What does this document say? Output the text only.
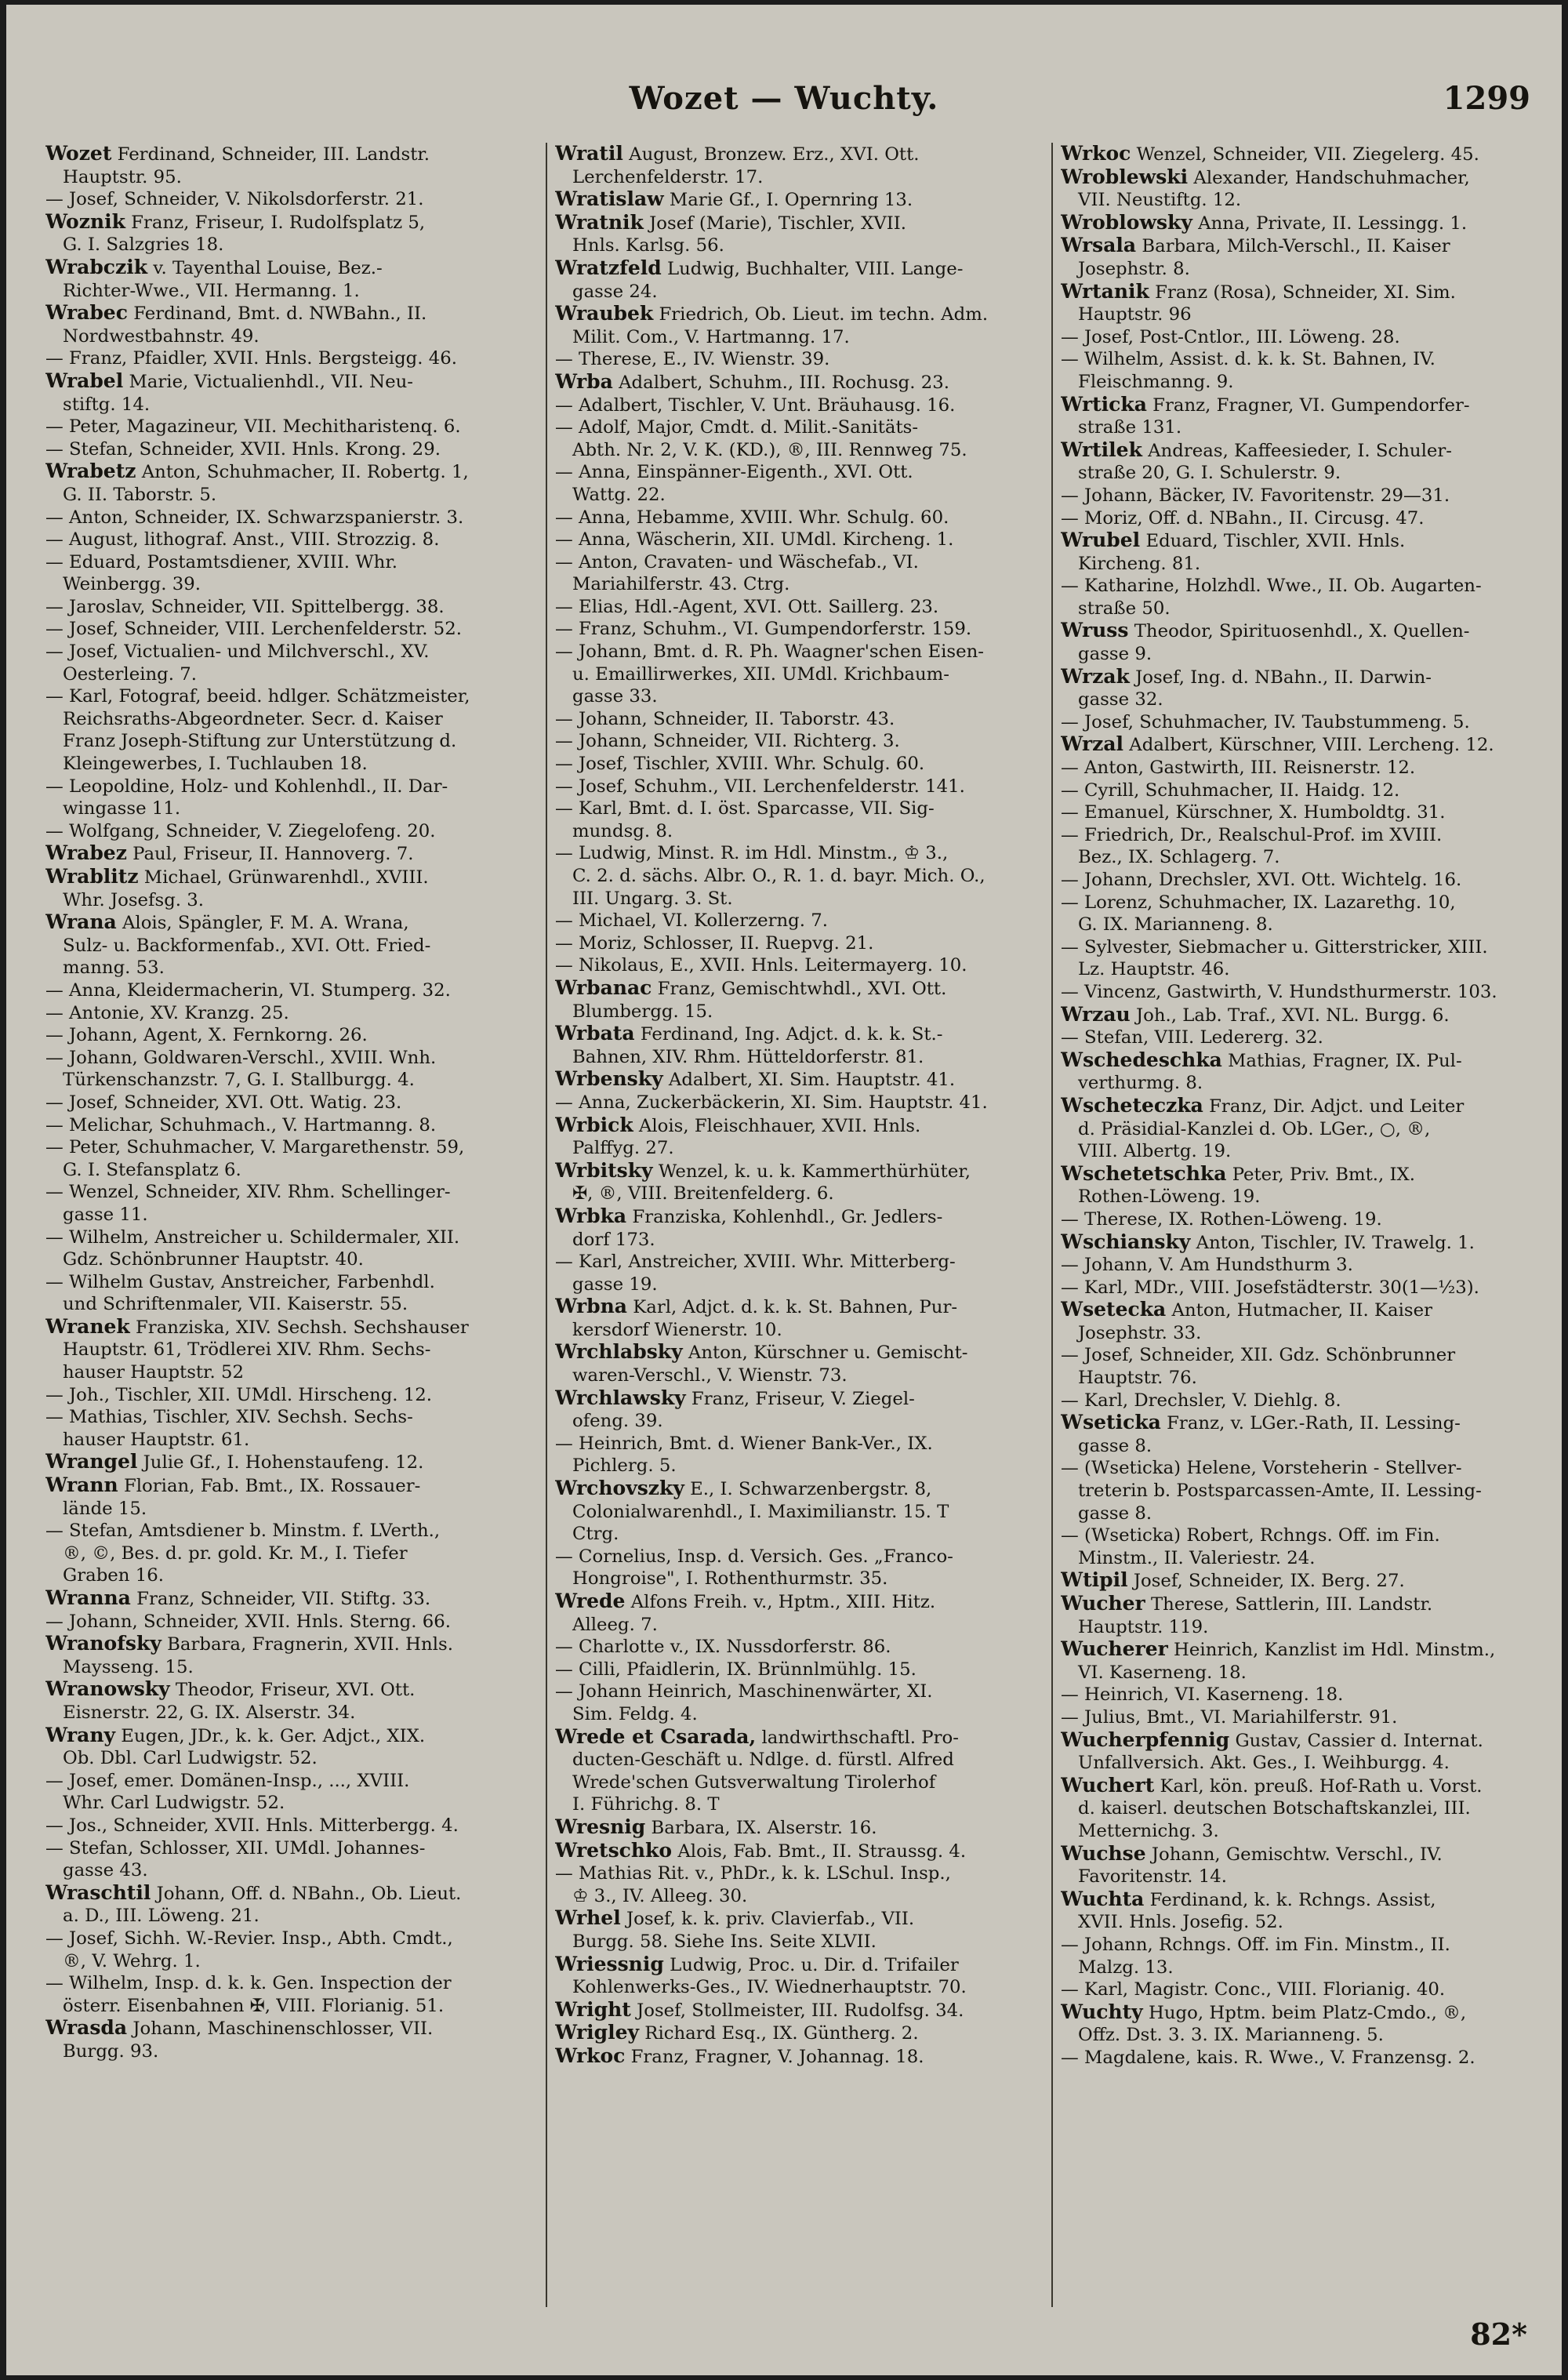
Wozet — Wuchty.	1299
Wozet Ferdinand, Schneider, III. Landstr.
Hauptstr. 95.
— Josef, Schneider, V. Nikolsdorferstr. 21.
Woznik Franz, Friseur, I. Rudolfsplatz 5,
G. I. Salzgries 18.
Wrabczik v. Tayenthal Louise, Bez.-
Richter-Wwe., VII. Hermanng. 1.
Wrabec Ferdinand, Bmt. d. NWBahn., II.
Nordwestbahnstr. 49.
— Franz, Pfaidler, XVII. Hnls. Bergsteigg. 46.
Wrabel Marie, Victualienhdl., VII. Neu-
stiftg. 14.
— Peter, Magazineur, VII. Mechitharistenq. 6.
— Stefan, Schneider, XVII. Hnls. Krong. 29.
Wrabetz Anton, Schuhmacher, II. Robertg. 1,
G. II. Taborstr. 5.
— Anton, Schneider, IX. Schwarzspanierstr. 3.
— August, lithograf. Anst., VIII. Strozzig. 8.
— Eduard, Postamtsdiener, XVIII. Whr.
Weinbergg. 39.
— Jaroslav, Schneider, VII. Spittelbergg. 38.
— Josef, Schneider, VIII. Lerchenfelderstr. 52.
— Josef, Victualien- und Milchverschl., XV.
Oesterleing. 7.
— Karl, Fotograf, beeid. hdlger. Schätzmeister,
Reichsraths-Abgeordneter. Secr. d. Kaiser
Franz Joseph-Stiftung zur Unterstützung d.
Kleingewerbes, I. Tuchlauben 18.
— Leopoldine, Holz- und Kohlenhdl., II. Dar-
wingasse 11.
— Wolfgang, Schneider, V. Ziegelofeng. 20.
Wrabez Paul, Friseur, II. Hannoverg. 7.
Wrablitz Michael, Grünwarenhdl., XVIII.
Whr. Josefsg. 3.
Wrana Alois, Spängler, F. M. A. Wrana,
Sulz- u. Backformenfab., XVI. Ott. Fried-
manng. 53.
— Anna, Kleidermacherin, VI. Stumperg. 32.
— Antonie, XV. Kranzg. 25.
— Johann, Agent, X. Fernkorng. 26.
— Johann, Goldwaren-Verschl., XVIII. Wnh.
Türkenschanzstr. 7, G. I. Stallburgg. 4.
— Josef, Schneider, XVI. Ott. Watig. 23.
— Melichar, Schuhmach., V. Hartmanng. 8.
— Peter, Schuhmacher, V. Margarethenstr. 59,
G. I. Stefansplatz 6.
— Wenzel, Schneider, XIV. Rhm. Schellinger-
gasse 11.
— Wilhelm, Anstreicher u. Schildermaler, XII.
Gdz. Schönbrunner Hauptstr. 40.
— Wilhelm Gustav, Anstreicher, Farbenhdl.
und Schriftenmaler, VII. Kaiserstr. 55.
Wranek Franziska, XIV. Sechsh. Sechshauser
Hauptstr. 61, Trödlerei XIV. Rhm. Sechs-
hauser Hauptstr. 52
— Joh., Tischler, XII. UMdl. Hirscheng. 12.
— Mathias, Tischler, XIV. Sechsh. Sechs-
hauser Hauptstr. 61.
Wrangel Julie Gf., I. Hohenstaufeng. 12.
Wrann Florian, Fab. Bmt., IX. Rossauer-
lände 15.
— Stefan, Amtsdiener b. Minstm. f. LVerth.,
®, ©, Bes. d. pr. gold. Kr. M., I. Tiefer
Graben 16.
Wranna Franz, Schneider, VII. Stiftg. 33.
— Johann, Schneider, XVII. Hnls. Sterng. 66.
Wranofsky Barbara, Fragnerin, XVII. Hnls.
Maysseng. 15.
Wranowsky Theodor, Friseur, XVI. Ott.
Eisnerstr. 22, G. IX. Alserstr. 34.
Wrany Eugen, JDr., k. k. Ger. Adjct., XIX.
Ob. Dbl. Carl Ludwigstr. 52.
— Josef, emer. Domänen-Insp., ..., XVIII.
Whr. Carl Ludwigstr. 52.
— Jos., Schneider, XVII. Hnls. Mitterbergg. 4.
— Stefan, Schlosser, XII. UMdl. Johannes-
gasse 43.
Wraschtil Johann, Off. d. NBahn., Ob. Lieut.
a. D., III. Löweng. 21.
— Josef, Sichh. W.-Revier. Insp., Abth. Cmdt.,
®, V. Wehrg. 1.
— Wilhelm, Insp. d. k. k. Gen. Inspection der
österr. Eisenbahnen ✠, VIII. Florianig. 51.
Wrasda Johann, Maschinenschlosser, VII.
Burgg. 93.
Wratil August, Bronzew. Erz., XVI. Ott.
Lerchenfelderstr. 17.
Wratislaw Marie Gf., I. Opernring 13.
Wratnik Josef (Marie), Tischler, XVII.
Hnls. Karlsg. 56.
Wratzfeld Ludwig, Buchhalter, VIII. Lange-
gasse 24.
Wraubek Friedrich, Ob. Lieut. im techn. Adm.
Milit. Com., V. Hartmanng. 17.
— Therese, E., IV. Wienstr. 39.
Wrba Adalbert, Schuhm., III. Rochusg. 23.
— Adalbert, Tischler, V. Unt. Bräuhausg. 16.
— Adolf, Major, Cmdt. d. Milit.-Sanitäts-
Abth. Nr. 2, V. K. (KD.), ®, III. Rennweg 75.
— Anna, Einspänner-Eigenth., XVI. Ott.
Wattg. 22.
— Anna, Hebamme, XVIII. Whr. Schulg. 60.
— Anna, Wäscherin, XII. UMdl. Kircheng. 1.
— Anton, Cravaten- und Wäschefab., VI.
Mariahilferstr. 43. Ctrg.
— Elias, Hdl.-Agent, XVI. Ott. Saillerg. 23.
— Franz, Schuhm., VI. Gumpendorferstr. 159.
— Johann, Bmt. d. R. Ph. Waagner'schen Eisen-
u. Emaillirwerkes, XII. UMdl. Krichbaum-
gasse 33.
— Johann, Schneider, II. Taborstr. 43.
— Johann, Schneider, VII. Richterg. 3.
— Josef, Tischler, XVIII. Whr. Schulg. 60.
— Josef, Schuhm., VII. Lerchenfelderstr. 141.
— Karl, Bmt. d. I. öst. Sparcasse, VII. Sig-
mundsg. 8.
— Ludwig, Minst. R. im Hdl. Minstm., ♔ 3.,
C. 2. d. sächs. Albr. O., R. 1. d. bayr. Mich. O.,
III. Ungarg. 3. St.
— Michael, VI. Kollerzerng. 7.
— Moriz, Schlosser, II. Ruepvg. 21.
— Nikolaus, E., XVII. Hnls. Leitermayerg. 10.
Wrbanac Franz, Gemischtwhdl., XVI. Ott.
Blumbergg. 15.
Wrbata Ferdinand, Ing. Adjct. d. k. k. St.-
Bahnen, XIV. Rhm. Hütteldorferstr. 81.
Wrbensky Adalbert, XI. Sim. Hauptstr. 41.
— Anna, Zuckerbäckerin, XI. Sim. Hauptstr. 41.
Wrbick Alois, Fleischhauer, XVII. Hnls.
Palffyg. 27.
Wrbitsky Wenzel, k. u. k. Kammerthürhüter,
✠, ®, VIII. Breitenfelderg. 6.
Wrbka Franziska, Kohlenhdl., Gr. Jedlers-
dorf 173.
— Karl, Anstreicher, XVIII. Whr. Mitterberg-
gasse 19.
Wrbna Karl, Adjct. d. k. k. St. Bahnen, Pur-
kersdorf Wienerstr. 10.
Wrchlabsky Anton, Kürschner u. Gemischt-
waren-Verschl., V. Wienstr. 73.
Wrchlawsky Franz, Friseur, V. Ziegel-
ofeng. 39.
— Heinrich, Bmt. d. Wiener Bank-Ver., IX.
Pichlerg. 5.
Wrchovszky E., I. Schwarzenbergstr. 8,
Colonialwarenhdl., I. Maximilianstr. 15. T
Ctrg.
— Cornelius, Insp. d. Versich. Ges. „Franco-
Hongroise", I. Rothenthurmstr. 35.
Wrede Alfons Freih. v., Hptm., XIII. Hitz.
Alleeg. 7.
— Charlotte v., IX. Nussdorferstr. 86.
— Cilli, Pfaidlerin, IX. Brünnlmühlg. 15.
— Johann Heinrich, Maschinenwärter, XI.
Sim. Feldg. 4.
Wrede et Csarada, landwirthschaftl. Pro-
ducten-Geschäft u. Ndlge. d. fürstl. Alfred
Wrede'schen Gutsverwaltung Tirolerhof
I. Führichg. 8. T
Wresnig Barbara, IX. Alserstr. 16.
Wretschko Alois, Fab. Bmt., II. Straussg. 4.
— Mathias Rit. v., PhDr., k. k. LSchul. Insp.,
♔ 3., IV. Alleeg. 30.
Wrhel Josef, k. k. priv. Clavierfab., VII.
Burgg. 58. Siehe Ins. Seite XLVII.
Wriessnig Ludwig, Proc. u. Dir. d. Trifailer
Kohlenwerks-Ges., IV. Wiednerhauptstr. 70.
Wright Josef, Stollmeister, III. Rudolfsg. 34.
Wrigley Richard Esq., IX. Güntherg. 2.
Wrkoc Franz, Fragner, V. Johannag. 18.
Wrkoc Wenzel, Schneider, VII. Ziegelerg. 45.
Wroblewski Alexander, Handschuhmacher,
VII. Neustiftg. 12.
Wroblowsky Anna, Private, II. Lessingg. 1.
Wrsala Barbara, Milch-Verschl., II. Kaiser
Josephstr. 8.
Wrtanik Franz (Rosa), Schneider, XI. Sim.
Hauptstr. 96
— Josef, Post-Cntlor., III. Löweng. 28.
— Wilhelm, Assist. d. k. k. St. Bahnen, IV.
Fleischmanng. 9.
Wrticka Franz, Fragner, VI. Gumpendorfer-
straße 131.
Wrtilek Andreas, Kaffeesieder, I. Schuler-
straße 20, G. I. Schulerstr. 9.
— Johann, Bäcker, IV. Favoritenstr. 29—31.
— Moriz, Off. d. NBahn., II. Circusg. 47.
Wrubel Eduard, Tischler, XVII. Hnls.
Kircheng. 81.
— Katharine, Holzhdl. Wwe., II. Ob. Augarten-
straße 50.
Wruss Theodor, Spirituosenhdl., X. Quellen-
gasse 9.
Wrzak Josef, Ing. d. NBahn., II. Darwin-
gasse 32.
— Josef, Schuhmacher, IV. Taubstummeng. 5.
Wrzal Adalbert, Kürschner, VIII. Lercheng. 12.
— Anton, Gastwirth, III. Reisnerstr. 12.
— Cyrill, Schuhmacher, II. Haidg. 12.
— Emanuel, Kürschner, X. Humboldtg. 31.
— Friedrich, Dr., Realschul-Prof. im XVIII.
Bez., IX. Schlagerg. 7.
— Johann, Drechsler, XVI. Ott. Wichtelg. 16.
— Lorenz, Schuhmacher, IX. Lazarethg. 10,
G. IX. Marianneng. 8.
— Sylvester, Siebmacher u. Gitterstricker, XIII.
Lz. Hauptstr. 46.
— Vincenz, Gastwirth, V. Hundsthurmerstr. 103.
Wrzau Joh., Lab. Traf., XVI. NL. Burgg. 6.
— Stefan, VIII. Ledererg. 32.
Wschedeschka Mathias, Fragner, IX. Pul-
verthurmg. 8.
Wscheteczka Franz, Dir. Adjct. und Leiter
d. Präsidial-Kanzlei d. Ob. LGer., ○, ®,
VIII. Albertg. 19.
Wschetetschka Peter, Priv. Bmt., IX.
Rothen-Löweng. 19.
— Therese, IX. Rothen-Löweng. 19.
Wschiansky Anton, Tischler, IV. Trawelg. 1.
— Johann, V. Am Hundsthurm 3.
— Karl, MDr., VIII. Josefstädterstr. 30(1—½3).
Wsetecka Anton, Hutmacher, II. Kaiser
Josephstr. 33.
— Josef, Schneider, XII. Gdz. Schönbrunner
Hauptstr. 76.
— Karl, Drechsler, V. Diehlg. 8.
Wseticka Franz, v. LGer.-Rath, II. Lessing-
gasse 8.
— (Wseticka) Helene, Vorsteherin - Stellver-
treterin b. Postsparcassen-Amte, II. Lessing-
gasse 8.
— (Wseticka) Robert, Rchngs. Off. im Fin.
Minstm., II. Valeriestr. 24.
Wtipil Josef, Schneider, IX. Berg. 27.
Wucher Therese, Sattlerin, III. Landstr.
Hauptstr. 119.
Wucherer Heinrich, Kanzlist im Hdl. Minstm.,
VI. Kaserneng. 18.
— Heinrich, VI. Kaserneng. 18.
— Julius, Bmt., VI. Mariahilferstr. 91.
Wucherpfennig Gustav, Cassier d. Internat.
Unfallversich. Akt. Ges., I. Weihburgg. 4.
Wuchert Karl, kön. preuß. Hof-Rath u. Vorst.
d. kaiserl. deutschen Botschaftskanzlei, III.
Metternichg. 3.
Wuchse Johann, Gemischtw. Verschl., IV.
Favoritenstr. 14.
Wuchta Ferdinand, k. k. Rchngs. Assist,
XVII. Hnls. Josefig. 52.
— Johann, Rchngs. Off. im Fin. Minstm., II.
Malzg. 13.
— Karl, Magistr. Conc., VIII. Florianig. 40.
Wuchty Hugo, Hptm. beim Platz-Cmdo., ®,
Offz. Dst. 3. 3. IX. Marianneng. 5.
— Magdalene, kais. R. Wwe., V. Franzensg. 2.
82*
